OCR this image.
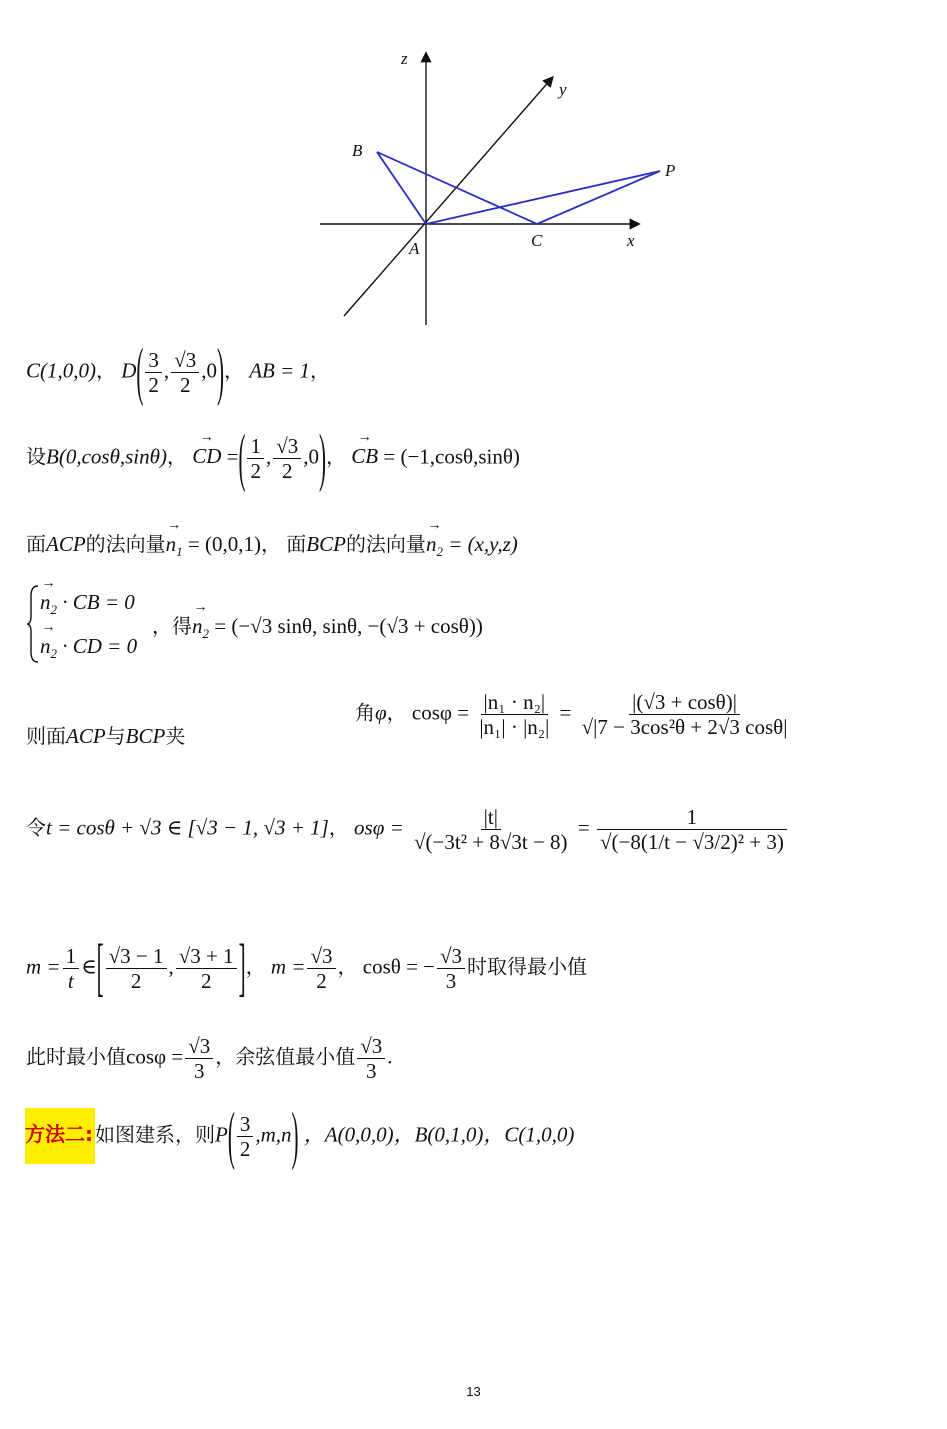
z
y
x
B
P
A	C
C(1,0,0)， $D( \frac{3}{2}$ , $\frac{√3}{2} ,0$)， AB = 1，
设B(0,cosθ,sinθ)， → CD =( $\frac{1}{2}$ , $\frac{√3}{2} ,0$)， → CB = (−1,cosθ,sinθ)
面ACP的法向量→ $n_1 = (0,0,1)$， 面BCP的法向量→ $n_2 = (x,y,z)$
→ $n_2$ · CB = 0
→ $n_2$ · CD = 0
，得→ $n_2 = (-√3$ sinθ, sinθ, −(√3 + cosθ))
则面ACP与BCP夹
角φ， $\cos\varphi = \frac{\text{|n₁ · n₂|}}{\text{|n₁| · |n₂|}} = \frac{|(√3 + \cos\theta)|}{\text{√|7 − 3cos²θ + 2√3 cosθ|}}$
令t = cosθ + √3 ∈ [√3 − 1, √3 + 1]， $os\varphi = \frac{|t|}{\text{√(−3t² + 8√3t − 8)}} = \frac{1}{\text{√(−8(1/t − √3/2)² + 3)}}$
$m = \frac{1}{t}$ ∈[ $\frac{√3 - 1}{2}$ , $\frac{√3 + 1}{2}$ ]， $m = \frac{√3}{2}$ ， cosθ = − $\frac{√3}{3}$ 时取得最小值
此时最小值$\cos\varphi = \frac{√3}{3}$ ，余弦值最小值 $\frac{√3}{3}$ .
方法二: 如图建系，则$P( \frac{3}{2} ,m,n)$ ，A(0,0,0)，B(0,1,0)，C(1,0,0)
13
